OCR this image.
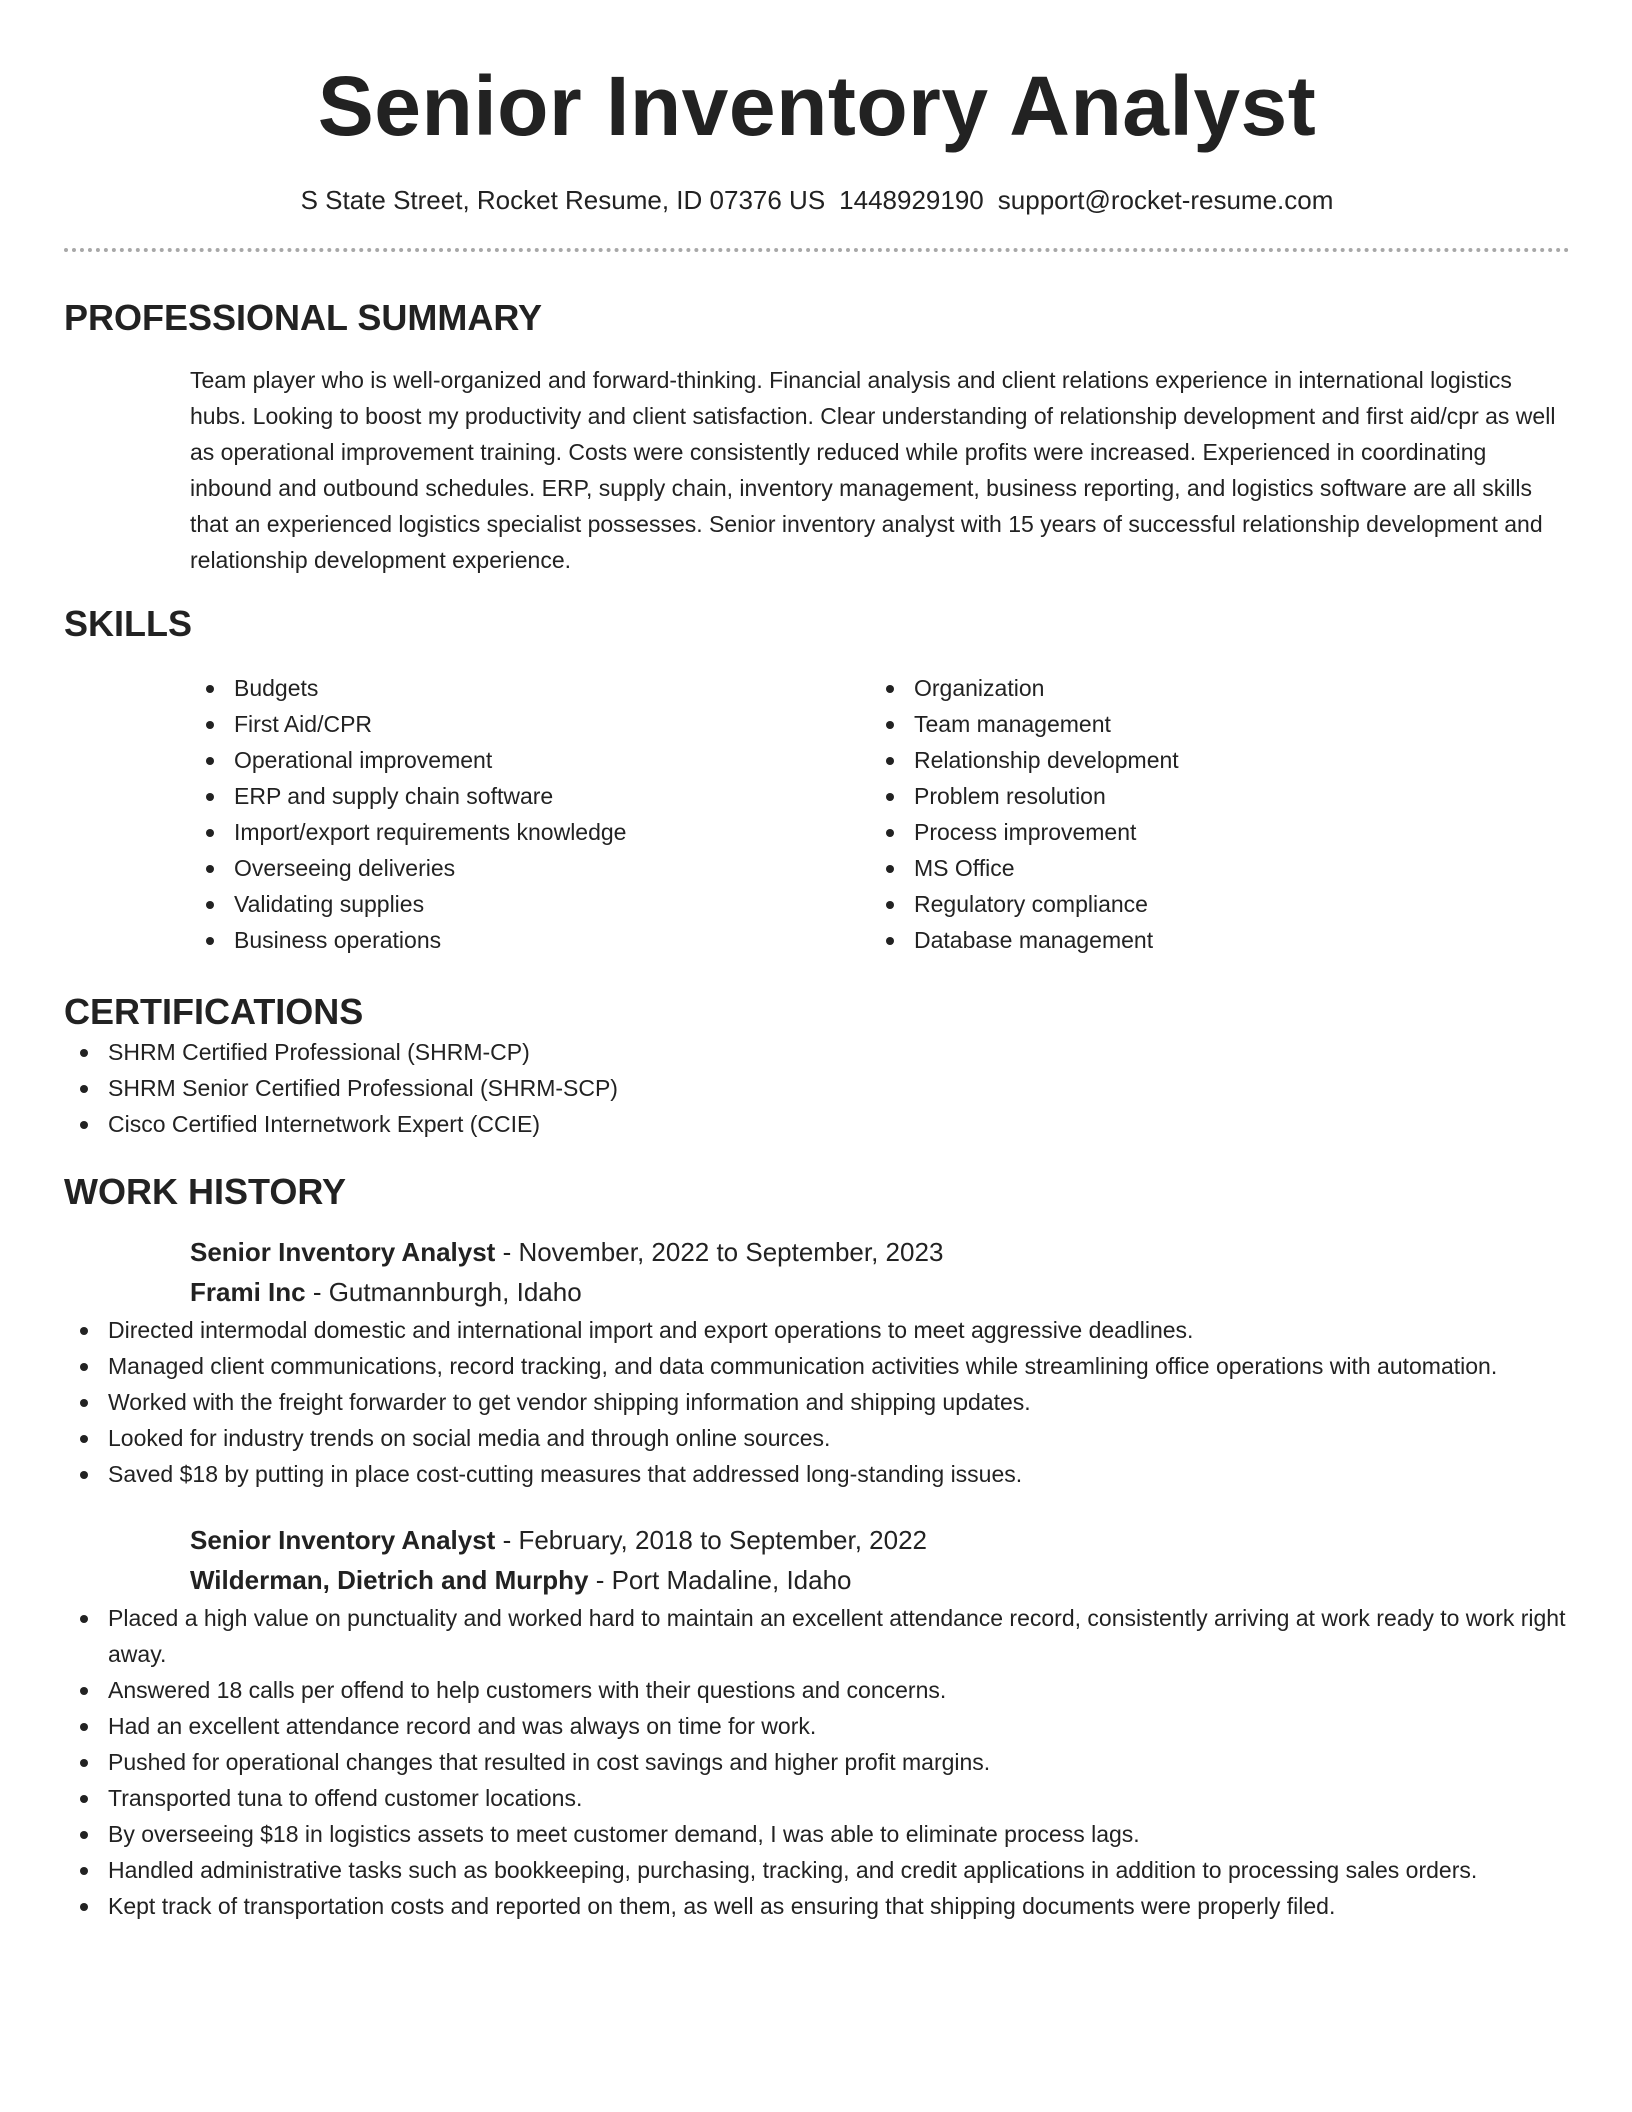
Senior Inventory Analyst
S State Street, Rocket Resume, ID 07376 US 1448929190 support@rocket-resume.com
PROFESSIONAL SUMMARY

Team player who is well-organized and forward-thinking. Financial analysis and client relations experience in international logistics hubs. Looking to boost my productivity and client satisfaction. Clear understanding of relationship development and first aid/cpr as well as operational improvement training. Costs were consistently reduced while profits were increased. Experienced in coordinating inbound and outbound schedules. ERP, supply chain, inventory management, business reporting, and logistics software are all skills that an experienced logistics specialist possesses. Senior inventory analyst with 15 years of successful relationship development and relationship development experience.

SKILLS
Budgets
First Aid/CPR
Operational improvement
ERP and supply chain software
Import/export requirements knowledge
Overseeing deliveries
Validating supplies
Business operations
Organization
Team management
Relationship development
Problem resolution
Process improvement
MS Office
Regulatory compliance
Database management
CERTIFICATIONS
SHRM Certified Professional (SHRM-CP)
SHRM Senior Certified Professional (SHRM-SCP)
Cisco Certified Internetwork Expert (CCIE)
WORK HISTORY
Senior Inventory Analyst - November, 2022 to September, 2023
Frami Inc - Gutmannburgh, Idaho
Directed intermodal domestic and international import and export operations to meet aggressive deadlines.
Managed client communications, record tracking, and data communication activities while streamlining office operations with automation.
Worked with the freight forwarder to get vendor shipping information and shipping updates.
Looked for industry trends on social media and through online sources.
Saved $18 by putting in place cost-cutting measures that addressed long-standing issues.
Senior Inventory Analyst - February, 2018 to September, 2022
Wilderman, Dietrich and Murphy - Port Madaline, Idaho
Placed a high value on punctuality and worked hard to maintain an excellent attendance record, consistently arriving at work ready to work right away.
Answered 18 calls per offend to help customers with their questions and concerns.
Had an excellent attendance record and was always on time for work.
Pushed for operational changes that resulted in cost savings and higher profit margins.
Transported tuna to offend customer locations.
By overseeing $18 in logistics assets to meet customer demand, I was able to eliminate process lags.
Handled administrative tasks such as bookkeeping, purchasing, tracking, and credit applications in addition to processing sales orders.
Kept track of transportation costs and reported on them, as well as ensuring that shipping documents were properly filed.
